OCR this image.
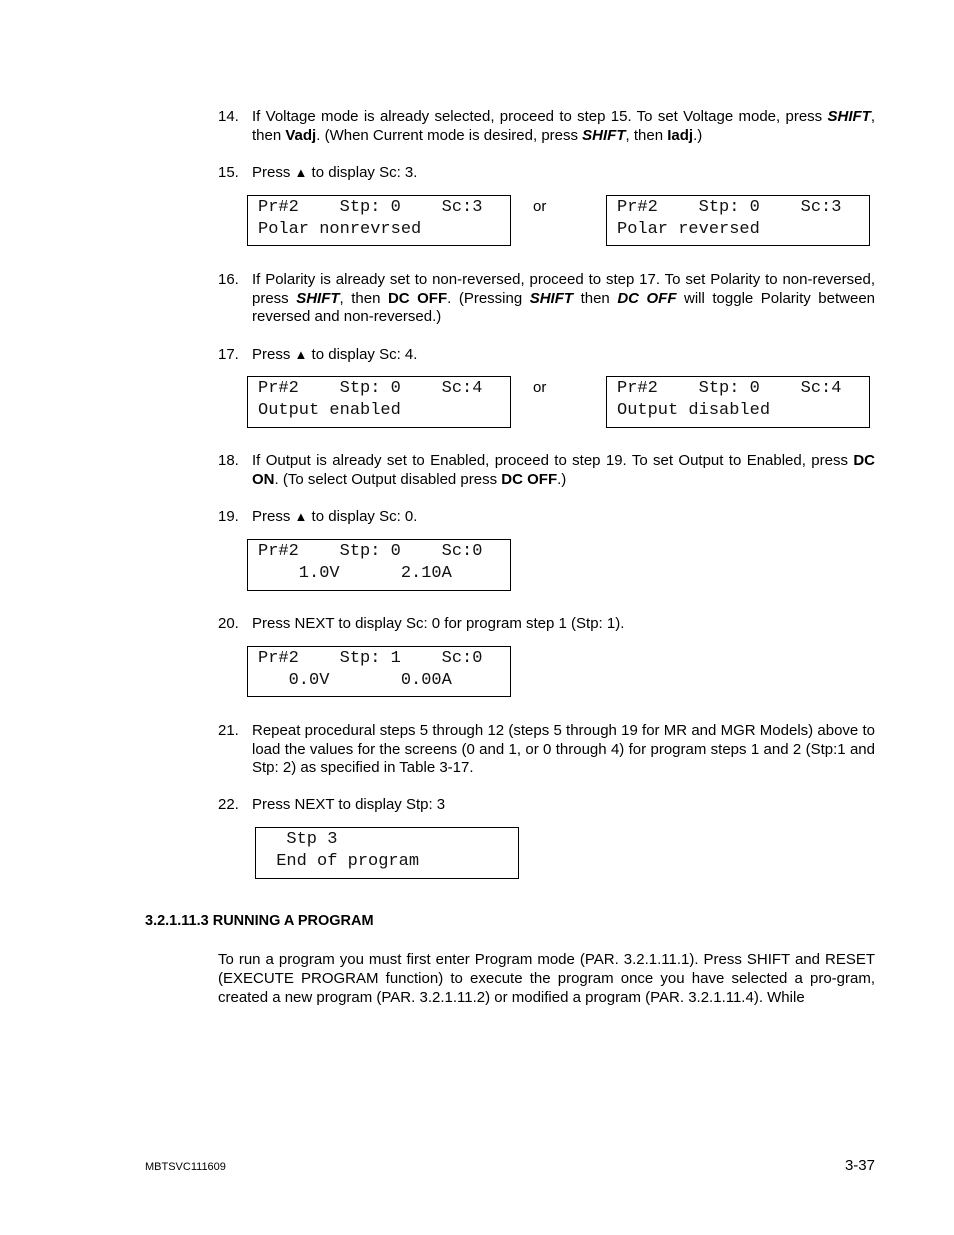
14. If Voltage mode is already selected, proceed to step 15. To set Voltage mode, press SHIFT, then Vadj. (When Current mode is desired, press SHIFT, then Iadj.)
15. Press ▲ to display Sc: 3.
Pr#2    Stp: 0    Sc:3
Polar nonrevrsed
or	Pr#2    Stp: 0    Sc:3
Polar reversed
16. If Polarity is already set to non-reversed, proceed to step 17. To set Polarity to non-reversed, press SHIFT, then DC OFF. (Pressing SHIFT then DC OFF will toggle Polarity between reversed and non-reversed.)
17. Press ▲ to display Sc: 4.
Pr#2    Stp: 0    Sc:4
Output enabled
or	Pr#2    Stp: 0    Sc:4
Output disabled
18. If Output is already set to Enabled, proceed to step 19. To set Output to Enabled, press DC ON. (To select Output disabled press DC OFF.)
19. Press ▲ to display Sc: 0.
Pr#2    Stp: 0    Sc:0
1.0V      2.10A
20. Press NEXT to display Sc: 0 for program step 1 (Stp: 1).
Pr#2    Stp: 1    Sc:0
0.0V       0.00A
21. Repeat procedural steps 5 through 12 (steps 5 through 19 for MR and MGR Models) above to load the values for the screens (0 and 1, or 0 through 4) for program steps 1 and 2 (Stp:1 and Stp: 2) as specified in Table 3-17.
22. Press NEXT to display Stp: 3
Stp 3
End of program
3.2.1.11.3 RUNNING A PROGRAM
To run a program you must first enter Program mode (PAR. 3.2.1.11.1). Press SHIFT and RESET (EXECUTE PROGRAM function) to execute the program once you have selected a pro-gram, created a new program (PAR. 3.2.1.11.2) or modified a program (PAR. 3.2.1.11.4). While
MBTSVC111609	3-37
